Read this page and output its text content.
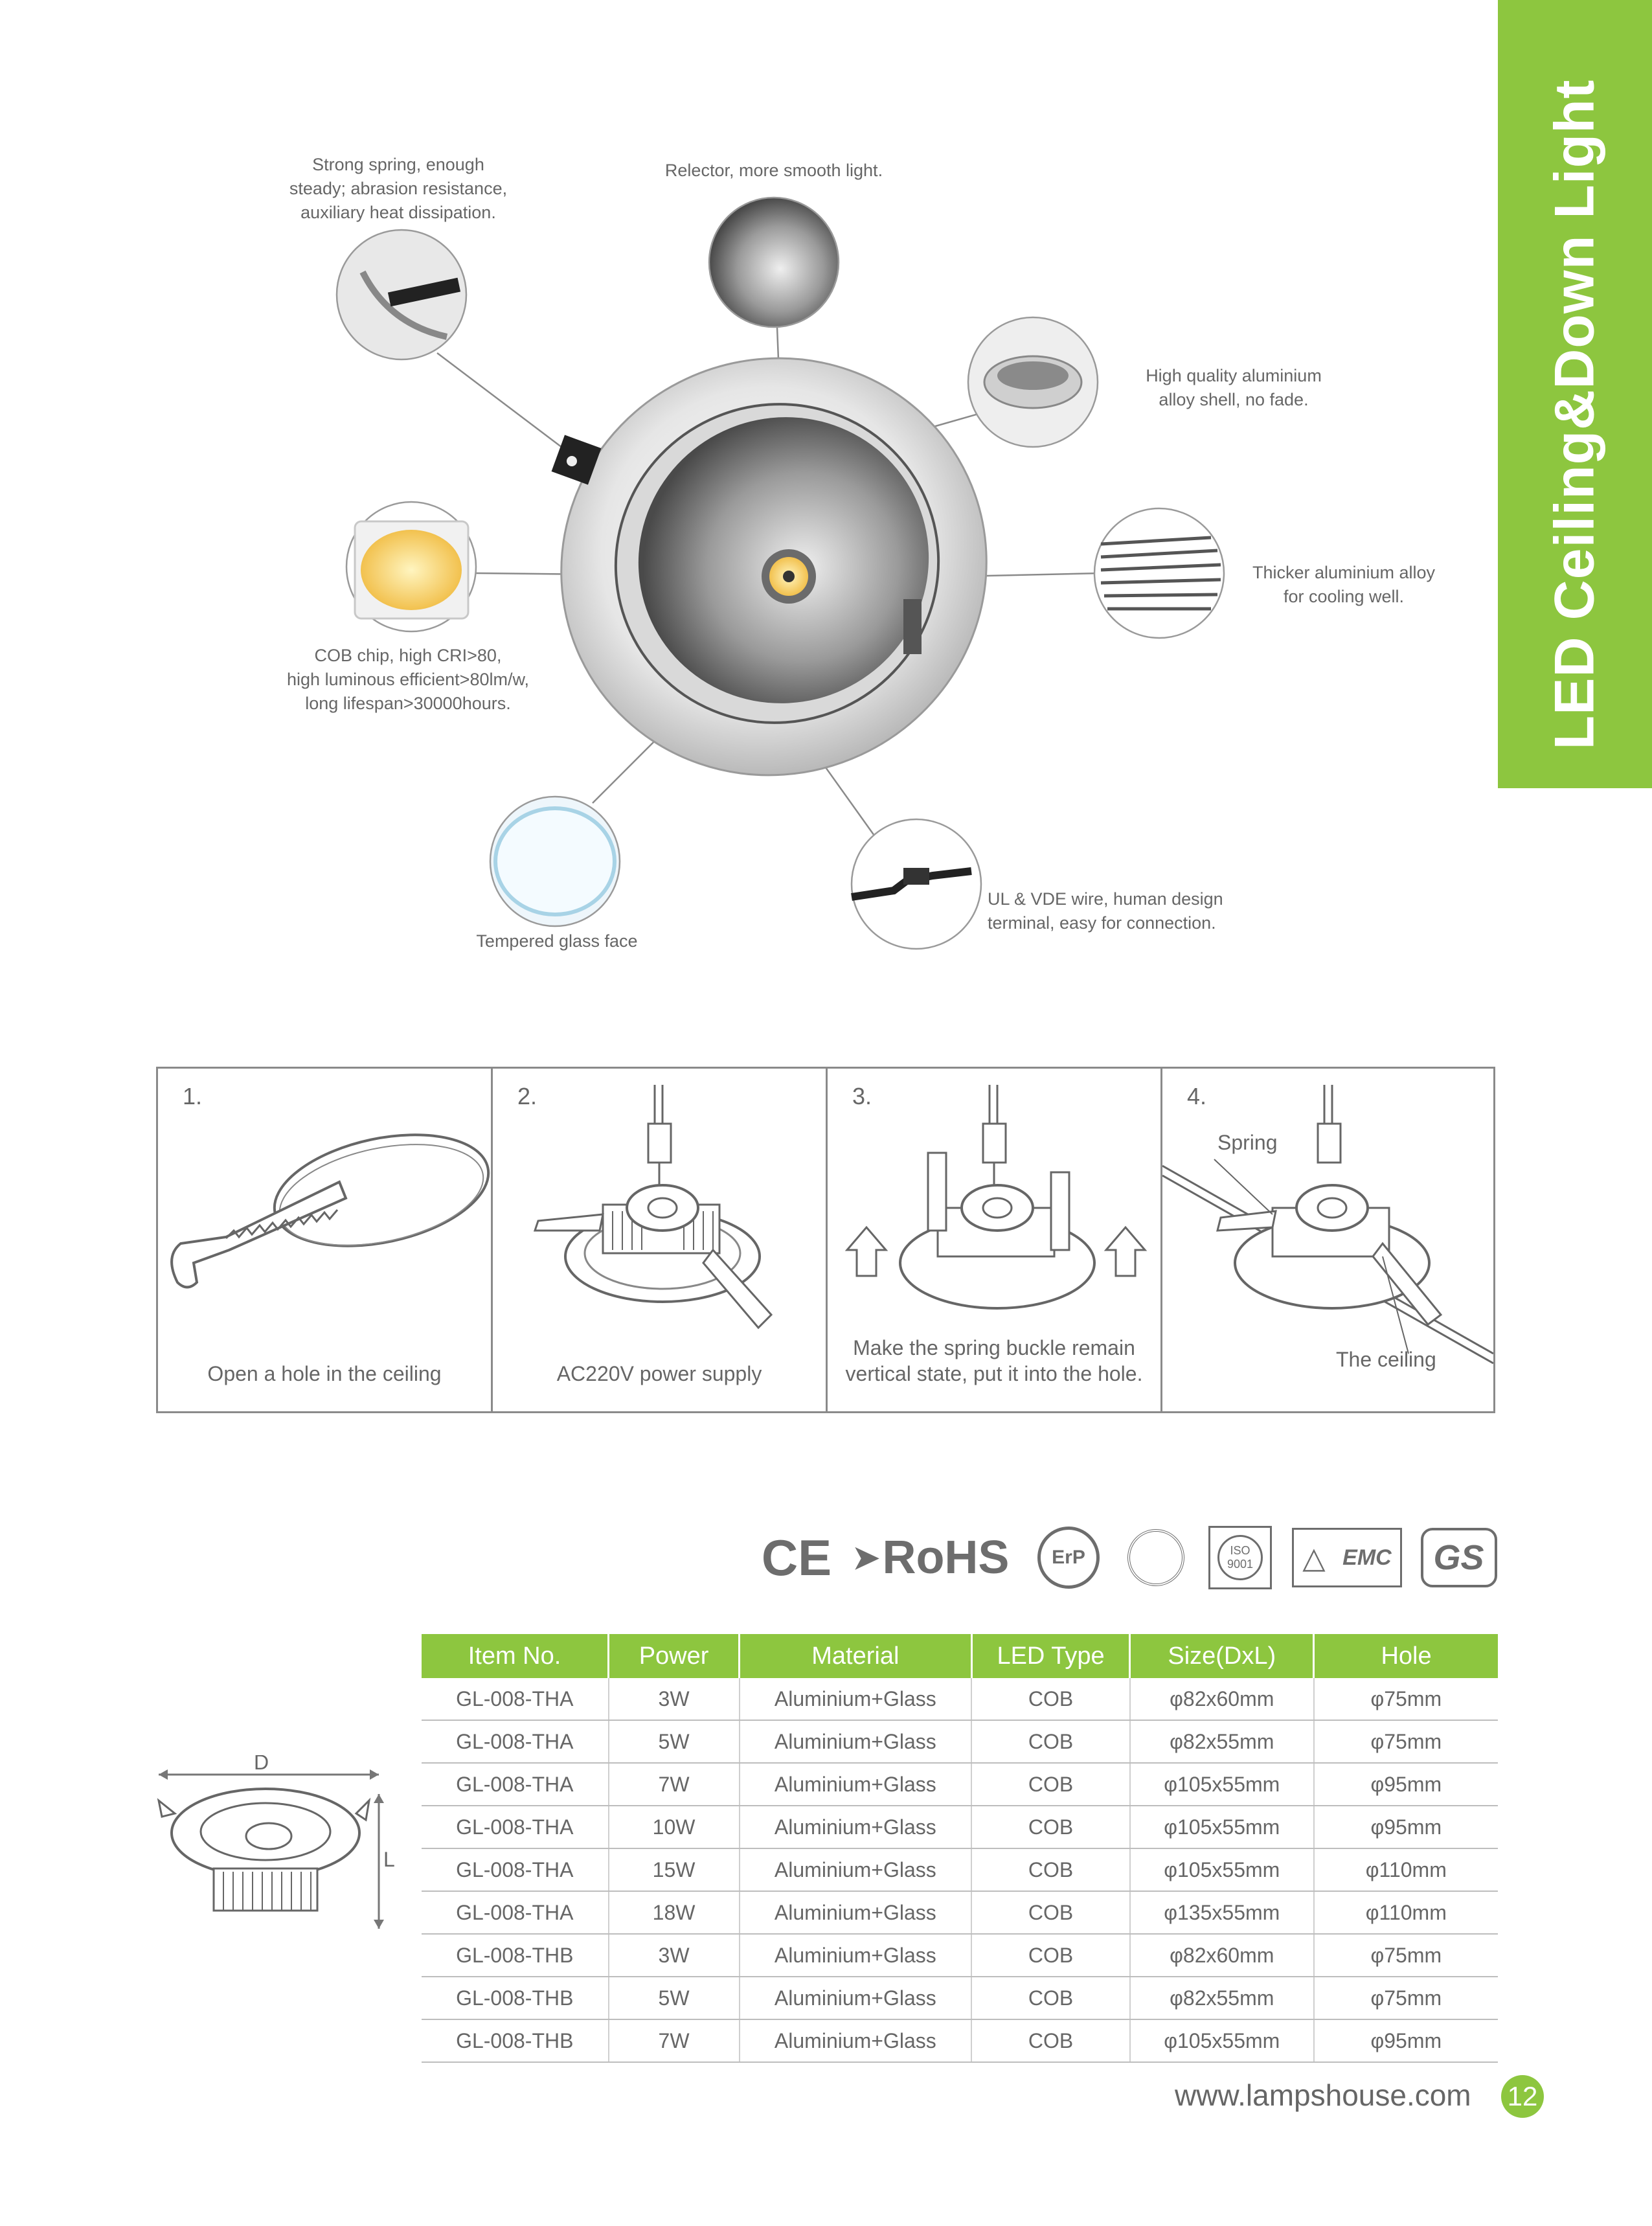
LED Ceiling&Down Light
Strong spring, enough
steady; abrasion resistance,
auxiliary heat dissipation.
Relector, more smooth light.
High quality aluminium
alloy shell, no fade.
Thicker aluminium alloy
for cooling well.
COB chip, high CRI>80,
high luminous efficient>80lm/w,
long lifespan>30000hours.
Tempered glass face
UL & VDE wire, human design
terminal, easy for connection.
1.
Open a hole in the ceiling
2.
AC220V power supply
3.
Make the spring buckle remain
vertical state, put it into the hole.
4.
Spring
The ceiling
CE ➤ RoHS	ErP	ISO
9001 △ EMC	GS
D
L
Item No.	Power	Material	LED Type	Size(DxL)	Hole
GL-008-THA	3W	Aluminium+Glass	COB	φ82x60mm	φ75mm
GL-008-THA	5W	Aluminium+Glass	COB	φ82x55mm	φ75mm
GL-008-THA	7W	Aluminium+Glass	COB	φ105x55mm	φ95mm
GL-008-THA	10W	Aluminium+Glass	COB	φ105x55mm	φ95mm
GL-008-THA	15W	Aluminium+Glass	COB	φ105x55mm	φ110mm
GL-008-THA	18W	Aluminium+Glass	COB	φ135x55mm	φ110mm
GL-008-THB	3W	Aluminium+Glass	COB	φ82x60mm	φ75mm
GL-008-THB	5W	Aluminium+Glass	COB	φ82x55mm	φ75mm
GL-008-THB	7W	Aluminium+Glass	COB	φ105x55mm	φ95mm
www.lampshouse.com 12
